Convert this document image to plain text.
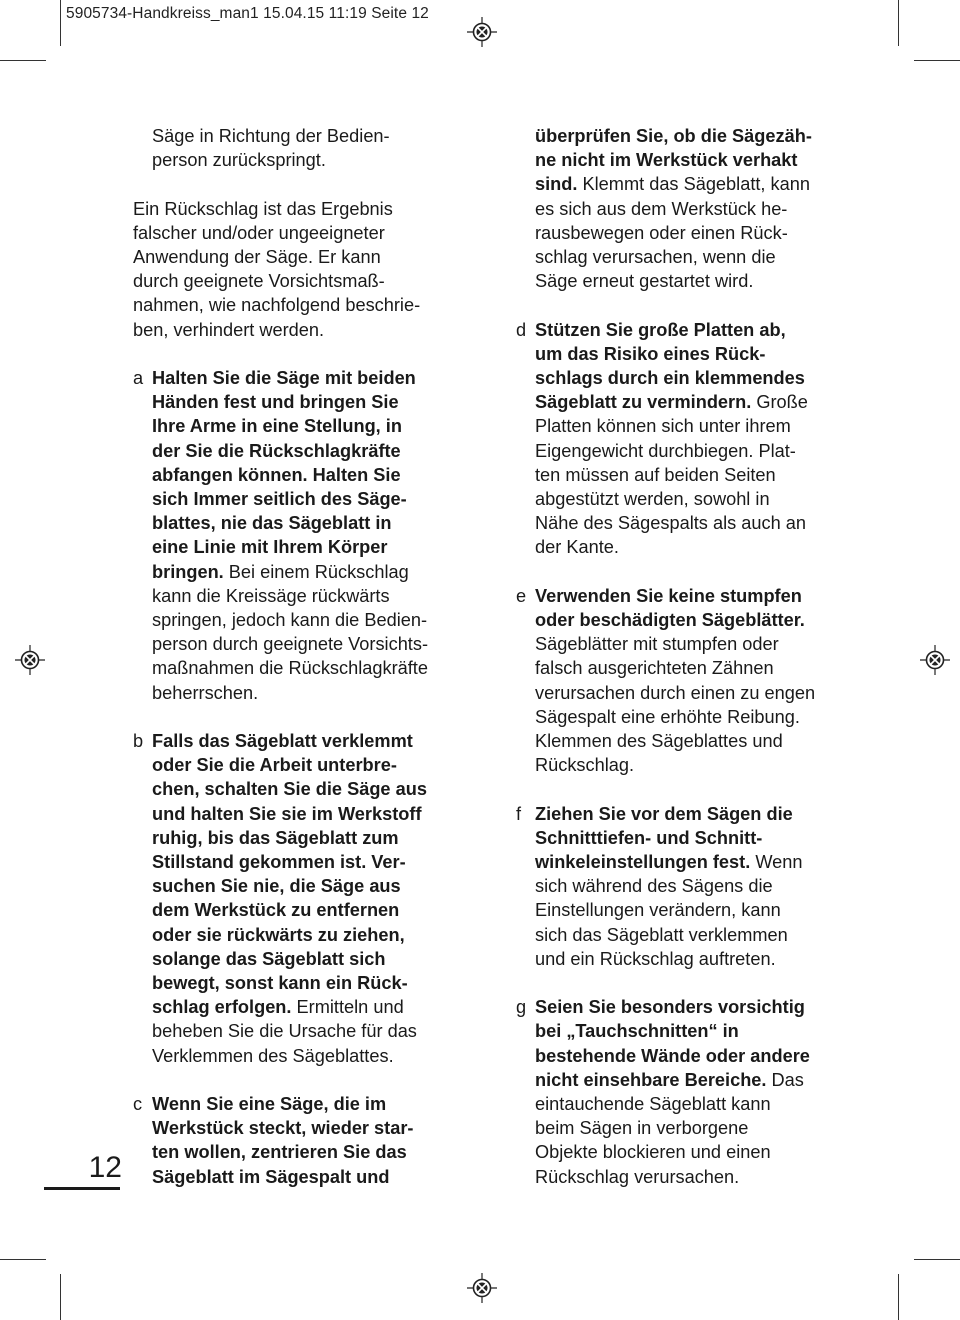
5905734-Handkreiss_man1 15.04.15 11:19 Seite 12

Säge in Richtung der Bedien-
person zurückspringt.

Ein Rückschlag ist das Ergebnis
falscher und/oder ungeeigneter
Anwendung der Säge. Er kann
durch geeignete Vorsichtsmaß-
nahmen, wie nachfolgend beschrie-
ben, verhindert werden.

a Halten Sie die Säge mit beiden
Händen fest und bringen Sie
Ihre Arme in eine Stellung, in
der Sie die Rückschlagkräfte
abfangen können. Halten Sie
sich Immer seitlich des Säge-
blattes, nie das Sägeblatt in
eine Linie mit Ihrem Körper
bringen. Bei einem Rückschlag
kann die Kreissäge rückwärts
springen, jedoch kann die Bedien-
person durch geeignete Vorsichts-
maßnahmen die Rückschlagkräfte
beherrschen.
b Falls das Sägeblatt verklemmt
oder Sie die Arbeit unterbre-
chen, schalten Sie die Säge aus
und halten Sie sie im Werkstoff
ruhig, bis das Sägeblatt zum
Stillstand gekommen ist. Ver-
suchen Sie nie, die Säge aus
dem Werkstück zu entfernen
oder sie rückwärts zu ziehen,
solange das Sägeblatt sich
bewegt, sonst kann ein Rück-
schlag erfolgen. Ermitteln und
beheben Sie die Ursache für das
Verklemmen des Sägeblattes.
c Wenn Sie eine Säge, die im
Werkstück steckt, wieder star-
ten wollen, zentrieren Sie das
Sägeblatt im Sägespalt und
überprüfen Sie, ob die Sägezäh-
ne nicht im Werkstück verhakt
sind. Klemmt das Sägeblatt, kann
es sich aus dem Werkstück he-
rausbewegen oder einen Rück-
schlag verursachen, wenn die
Säge erneut gestartet wird.
d Stützen Sie große Platten ab,
um das Risiko eines Rück-
schlags durch ein klemmendes
Sägeblatt zu vermindern. Große
Platten können sich unter ihrem
Eigengewicht durchbiegen. Plat-
ten müssen auf beiden Seiten
abgestützt werden, sowohl in
Nähe des Sägespalts als auch an
der Kante.
e Verwenden Sie keine stumpfen
oder beschädigten Sägeblätter.
Sägeblätter mit stumpfen oder
falsch ausgerichteten Zähnen
verursachen durch einen zu engen
Sägespalt eine erhöhte Reibung.
Klemmen des Sägeblattes und
Rückschlag.
f Ziehen Sie vor dem Sägen die
Schnitttiefen- und Schnitt-
winkeleinstellungen fest. Wenn
sich während des Sägens die
Einstellungen verändern, kann
sich das Sägeblatt verklemmen
und ein Rückschlag auftreten.
g Seien Sie besonders vorsichtig
bei „Tauchschnitten“ in
bestehende Wände oder andere
nicht einsehbare Bereiche. Das
eintauchende Sägeblatt kann
beim Sägen in verborgene
Objekte blockieren und einen
Rückschlag verursachen.
12
